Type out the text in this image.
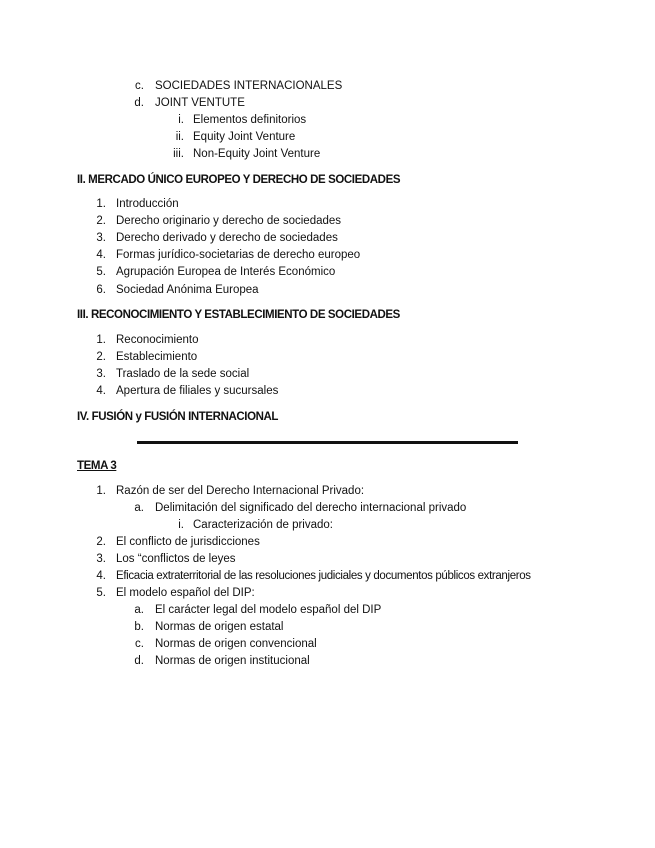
c. SOCIEDADES INTERNACIONALES
d. JOINT VENTUTE
i. Elementos definitorios
ii. Equity Joint Venture
iii. Non-Equity Joint Venture
II. MERCADO ÚNICO EUROPEO Y DERECHO DE SOCIEDADES
1. Introducción
2. Derecho originario y derecho de sociedades
3. Derecho derivado y derecho de sociedades
4. Formas jurídico-societarias de derecho europeo
5. Agrupación Europea de Interés Económico
6. Sociedad Anónima Europea
III. RECONOCIMIENTO Y ESTABLECIMIENTO DE SOCIEDADES
1. Reconocimiento
2. Establecimiento
3. Traslado de la sede social
4. Apertura de filiales y sucursales
IV. FUSIÓN y FUSIÓN INTERNACIONAL
TEMA 3
1. Razón de ser del Derecho Internacional Privado:
a. Delimitación del significado del derecho internacional privado
i. Caracterización de privado:
2. El conflicto de jurisdicciones
3. Los “conflictos de leyes
4. Eficacia extraterritorial de las resoluciones judiciales y documentos públicos extranjeros
5. El modelo español del DIP:
a. El carácter legal del modelo español del DIP
b. Normas de origen estatal
c. Normas de origen convencional
d. Normas de origen institucional
